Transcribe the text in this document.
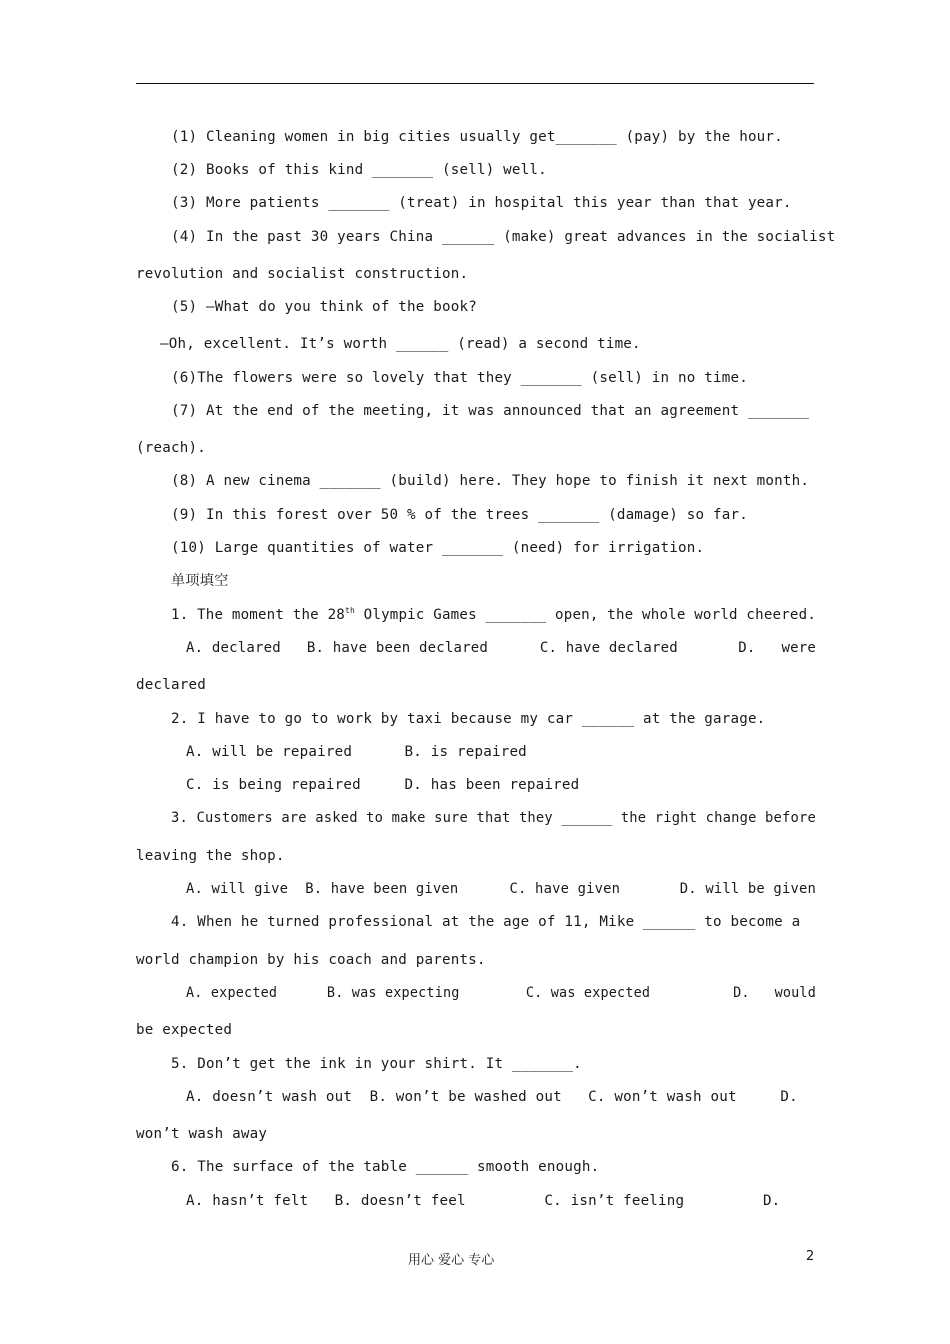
(1) Cleaning women in big cities usually get_______ (pay) by the hour.
(2) Books of this kind _______ (sell) well.
(3) More patients _______ (treat) in hospital this year than that year.
(4) In the past 30 years China ______ (make) great advances in the socialist
revolution and socialist construction.
(5) —What do you think of the book?
—Oh, excellent. It’s worth ______ (read) a second time.
(6)The flowers were so lovely that they _______ (sell) in no time.
(7) At the end of the meeting, it was announced that an agreement _______
(reach).
(8) A new cinema _______ (build) here. They hope to finish it next month.
(9) In this forest over 50 % of the trees _______ (damage) so far.
(10) Large quantities of water _______ (need) for irrigation.
单项填空
1. The moment the 28th Olympic Games _______ open, the whole world cheered.
A. declared   B. have been declared      C. have declared       D.   were
declared
2. I have to go to work by taxi because my car ______ at the garage.
A. will be repaired      B. is repaired
C. is being repaired     D. has been repaired
3. Customers are asked to make sure that they ______ the right change before
leaving the shop.
A. will give  B. have been given      C. have given       D. will be given
4. When he turned professional at the age of 11, Mike ______ to become a
world champion by his coach and parents.
A. expected      B. was expecting        C. was expected          D.   would
be expected
5. Don’t get the ink in your shirt. It _______.
A. doesn’t wash out  B. won’t be washed out   C. won’t wash out     D.
won’t wash away
6. The surface of the table ______ smooth enough.
A. hasn’t felt   B. doesn’t feel         C. isn’t feeling         D.
用心 爱心 专心	2
